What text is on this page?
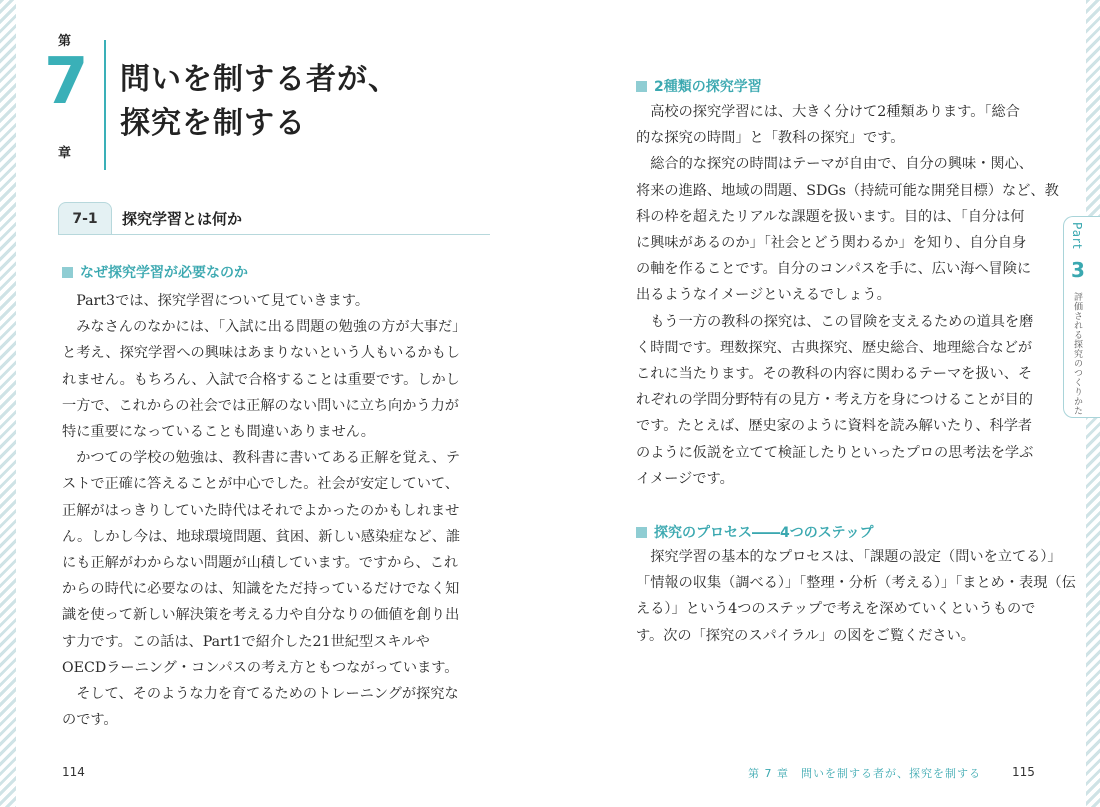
第
7
章
問いを制する者が、
探究を制する
7-1	探究学習とは何か
なぜ探究学習が必要なのか

　Part3では、探究学習について見ていきます。

　みなさんのなかには、「入試に出る問題の勉強の方が大事だ」

と考え、探究学習への興味はあまりないという人もいるかもし

れません。もちろん、入試で合格することは重要です。しかし

一方で、これからの社会では正解のない問いに立ち向かう力が

特に重要になっていることも間違いありません。

　かつての学校の勉強は、教科書に書いてある正解を覚え、テ

ストで正確に答えることが中心でした。社会が安定していて、

正解がはっきりしていた時代はそれでよかったのかもしれませ

ん。しかし今は、地球環境問題、貧困、新しい感染症など、誰

にも正解がわからない問題が山積しています。ですから、これ

からの時代に必要なのは、知識をただ持っているだけでなく知

識を使って新しい解決策を考える力や自分なりの価値を創り出

す力です。この話は、Part1で紹介した21世紀型スキルや

OECDラーニング・コンパスの考え方ともつながっています。

　そして、そのような力を育てるためのトレーニングが探究な

のです。

2種類の探究学習

　高校の探究学習には、大きく分けて2種類あります。「総合

的な探究の時間」と「教科の探究」です。

　総合的な探究の時間はテーマが自由で、自分の興味・関心、

将来の進路、地域の問題、SDGs（持続可能な開発目標）など、教

科の枠を超えたリアルな課題を扱います。目的は、「自分は何

に興味があるのか」「社会とどう関わるか」を知り、自分自身

の軸を作ることです。自分のコンパスを手に、広い海へ冒険に

出るようなイメージといえるでしょう。

　もう一方の教科の探究は、この冒険を支えるための道具を磨

く時間です。理数探究、古典探究、歴史総合、地理総合などが

これに当たります。その教科の内容に関わるテーマを扱い、そ

れぞれの学問分野特有の見方・考え方を身につけることが目的

です。たとえば、歴史家のように資料を読み解いたり、科学者

のように仮説を立てて検証したりといったプロの思考法を学ぶ

イメージです。

探究のプロセス――4つのステップ

　探究学習の基本的なプロセスは、「課題の設定（問いを立てる）」

「情報の収集（調べる）」「整理・分析（考える）」「まとめ・表現（伝

える）」という4つのステップで考えを深めていくというもので

す。次の「探究のスパイラル」の図をご覧ください。

Part
3
評価される探究のつくりかた
114	第 7 章　問いを制する者が、探究を制する	115
